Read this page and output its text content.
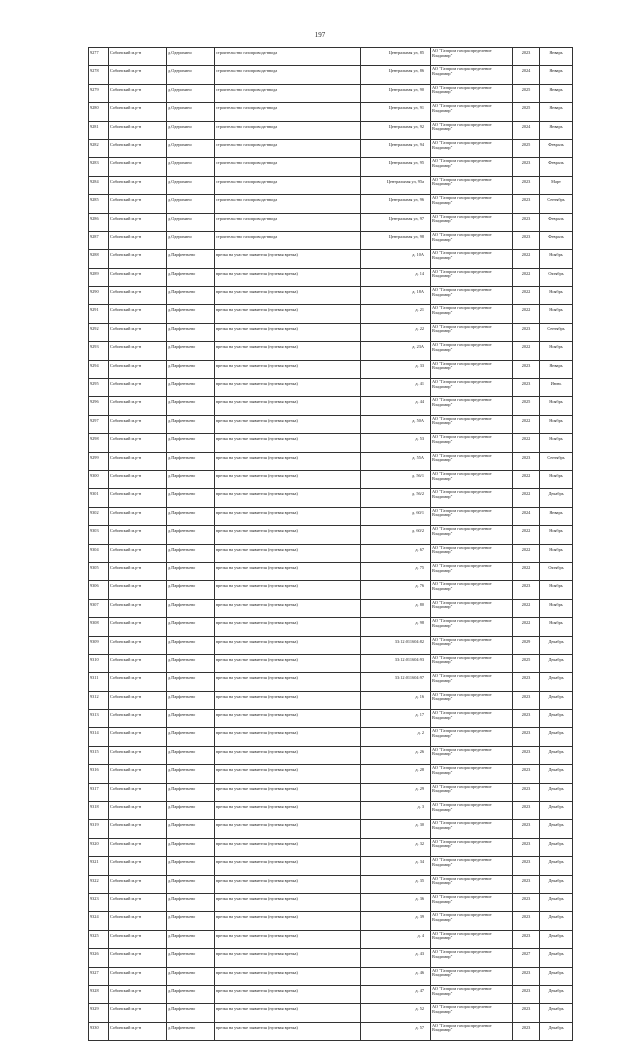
197
9277	Собинский м.р-н	д.Одерихино	строительство газопровода-ввода	Центральная ул, 85	АО "Газпром газораспределение Владимир"	2023	Январь

9278	Собинский м.р-н	д.Одерихино	строительство газопровода-ввода	Центральная ул, 86	АО "Газпром газораспределение Владимир"	2024	Январь

9279	Собинский м.р-н	д.Одерихино	строительство газопровода-ввода	Центральная ул, 90	АО "Газпром газораспределение Владимир"	2025	Январь

9280	Собинский м.р-н	д.Одерихино	строительство газопровода-ввода	Центральная ул, 91	АО "Газпром газораспределение Владимир"	2025	Январь

9281	Собинский м.р-н	д.Одерихино	строительство газопровода-ввода	Центральная ул, 92	АО "Газпром газораспределение Владимир"	2024	Январь

9282	Собинский м.р-н	д.Одерихино	строительство газопровода-ввода	Центральная ул, 94	АО "Газпром газораспределение Владимир"	2025	Февраль

9283	Собинский м.р-н	д.Одерихино	строительство газопровода-ввода	Центральная ул, 95	АО "Газпром газораспределение Владимир"	2023	Февраль

9284	Собинский м.р-н	д.Одерихино	строительство газопровода-ввода	Центральная ул, 95а	АО "Газпром газораспределение Владимир"	2023	Март

9285	Собинский м.р-н	д.Одерихино	строительство газопровода-ввода	Центральная ул, 96	АО "Газпром газораспределение Владимир"	2023	Сентябрь

9286	Собинский м.р-н	д.Одерихино	строительство газопровода-ввода	Центральная ул, 97	АО "Газпром газораспределение Владимир"	2023	Февраль

9287	Собинский м.р-н	д.Одерихино	строительство газопровода-ввода	Центральная ул, 98	АО "Газпром газораспределение Владимир"	2023	Февраль

9288	Собинский м.р-н	д.Парфентьево	врезка на участке заявителя (нулевая врезка)	д. 10А	АО "Газпром газораспределение Владимир"	2022	Ноябрь

9289	Собинский м.р-н	д.Парфентьево	врезка на участке заявителя (нулевая врезка)	д. 14	АО "Газпром газораспределение Владимир"	2022	Октябрь

9290	Собинский м.р-н	д.Парфентьево	врезка на участке заявителя (нулевая врезка)	д. 18А	АО "Газпром газораспределение Владимир"	2022	Ноябрь

9291	Собинский м.р-н	д.Парфентьево	врезка на участке заявителя (нулевая врезка)	д. 21	АО "Газпром газораспределение Владимир"	2022	Ноябрь

9292	Собинский м.р-н	д.Парфентьево	врезка на участке заявителя (нулевая врезка)	д. 22	АО "Газпром газораспределение Владимир"	2023	Сентябрь

9293	Собинский м.р-н	д.Парфентьево	врезка на участке заявителя (нулевая врезка)	д. 23А	АО "Газпром газораспределение Владимир"	2022	Ноябрь

9294	Собинский м.р-н	д.Парфентьево	врезка на участке заявителя (нулевая врезка)	д. 33	АО "Газпром газораспределение Владимир"	2023	Январь

9295	Собинский м.р-н	д.Парфентьево	врезка на участке заявителя (нулевая врезка)	д. 41	АО "Газпром газораспределение Владимир"	2023	Июнь

9296	Собинский м.р-н	д.Парфентьево	врезка на участке заявителя (нулевая врезка)	д. 44	АО "Газпром газораспределение Владимир"	2025	Ноябрь

9297	Собинский м.р-н	д.Парфентьево	врезка на участке заявителя (нулевая врезка)	д. 50А	АО "Газпром газораспределение Владимир"	2022	Ноябрь

9298	Собинский м.р-н	д.Парфентьево	врезка на участке заявителя (нулевая врезка)	д. 53	АО "Газпром газораспределение Владимир"	2022	Ноябрь

9299	Собинский м.р-н	д.Парфентьево	врезка на участке заявителя (нулевая врезка)	д. 55А	АО "Газпром газораспределение Владимир"	2023	Сентябрь

9300	Собинский м.р-н	д.Парфентьево	врезка на участке заявителя (нулевая врезка)	д. 56/1	АО "Газпром газораспределение Владимир"	2022	Ноябрь

9301	Собинский м.р-н	д.Парфентьево	врезка на участке заявителя (нулевая врезка)	д. 56/2	АО "Газпром газораспределение Владимир"	2022	Декабрь

9302	Собинский м.р-н	д.Парфентьево	врезка на участке заявителя (нулевая врезка)	д. 60/1	АО "Газпром газораспределение Владимир"	2024	Январь

9303	Собинский м.р-н	д.Парфентьево	врезка на участке заявителя (нулевая врезка)	д. 60/2	АО "Газпром газораспределение Владимир"	2022	Ноябрь

9304	Собинский м.р-н	д.Парфентьево	врезка на участке заявителя (нулевая врезка)	д. 67	АО "Газпром газораспределение Владимир"	2022	Ноябрь

9305	Собинский м.р-н	д.Парфентьево	врезка на участке заявителя (нулевая врезка)	д. 75	АО "Газпром газораспределение Владимир"	2022	Октябрь

9306	Собинский м.р-н	д.Парфентьево	врезка на участке заявителя (нулевая врезка)	д. 76	АО "Газпром газораспределение Владимир"	2023	Ноябрь

9307	Собинский м.р-н	д.Парфентьево	врезка на участке заявителя (нулевая врезка)	д. 80	АО "Газпром газораспределение Владимир"	2022	Ноябрь

9308	Собинский м.р-н	д.Парфентьево	врезка на участке заявителя (нулевая врезка)	д. 98	АО "Газпром газораспределение Владимир"	2022	Ноябрь

9309	Собинский м.р-н	д.Парфентьево	врезка на участке заявителя (нулевая врезка)	33:12:011604:82	АО "Газпром газораспределение Владимир"	2029	Декабрь

9310	Собинский м.р-н	д.Парфентьево	врезка на участке заявителя (нулевая врезка)	33:12:011604:93	АО "Газпром газораспределение Владимир"	2025	Декабрь

9311	Собинский м.р-н	д.Парфентьево	врезка на участке заявителя (нулевая врезка)	33:12:011604:97	АО "Газпром газораспределение Владимир"	2023	Декабрь

9312	Собинский м.р-н	д.Парфентьево	врезка на участке заявителя (нулевая врезка)	д. 16	АО "Газпром газораспределение Владимир"	2023	Декабрь

9313	Собинский м.р-н	д.Парфентьево	врезка на участке заявителя (нулевая врезка)	д. 17	АО "Газпром газораспределение Владимир"	2023	Декабрь

9314	Собинский м.р-н	д.Парфентьево	врезка на участке заявителя (нулевая врезка)	д. 2	АО "Газпром газораспределение Владимир"	2023	Декабрь

9315	Собинский м.р-н	д.Парфентьево	врезка на участке заявителя (нулевая врезка)	д. 26	АО "Газпром газораспределение Владимир"	2023	Декабрь

9316	Собинский м.р-н	д.Парфентьево	врезка на участке заявителя (нулевая врезка)	д. 28	АО "Газпром газораспределение Владимир"	2023	Декабрь

9317	Собинский м.р-н	д.Парфентьево	врезка на участке заявителя (нулевая врезка)	д. 29	АО "Газпром газораспределение Владимир"	2023	Декабрь

9318	Собинский м.р-н	д.Парфентьево	врезка на участке заявителя (нулевая врезка)	д. 3	АО "Газпром газораспределение Владимир"	2023	Декабрь

9319	Собинский м.р-н	д.Парфентьево	врезка на участке заявителя (нулевая врезка)	д. 30	АО "Газпром газораспределение Владимир"	2023	Декабрь

9320	Собинский м.р-н	д.Парфентьево	врезка на участке заявителя (нулевая врезка)	д. 32	АО "Газпром газораспределение Владимир"	2023	Декабрь

9321	Собинский м.р-н	д.Парфентьево	врезка на участке заявителя (нулевая врезка)	д. 34	АО "Газпром газораспределение Владимир"	2023	Декабрь

9322	Собинский м.р-н	д.Парфентьево	врезка на участке заявителя (нулевая врезка)	д. 35	АО "Газпром газораспределение Владимир"	2023	Декабрь

9323	Собинский м.р-н	д.Парфентьево	врезка на участке заявителя (нулевая врезка)	д. 36	АО "Газпром газораспределение Владимир"	2023	Декабрь

9324	Собинский м.р-н	д.Парфентьево	врезка на участке заявителя (нулевая врезка)	д. 39	АО "Газпром газораспределение Владимир"	2023	Декабрь

9325	Собинский м.р-н	д.Парфентьево	врезка на участке заявителя (нулевая врезка)	д. 4	АО "Газпром газораспределение Владимир"	2023	Декабрь

9326	Собинский м.р-н	д.Парфентьево	врезка на участке заявителя (нулевая врезка)	д. 43	АО "Газпром газораспределение Владимир"	2027	Декабрь

9327	Собинский м.р-н	д.Парфентьево	врезка на участке заявителя (нулевая врезка)	д. 46	АО "Газпром газораспределение Владимир"	2023	Декабрь

9328	Собинский м.р-н	д.Парфентьево	врезка на участке заявителя (нулевая врезка)	д. 47	АО "Газпром газораспределение Владимир"	2023	Декабрь

9329	Собинский м.р-н	д.Парфентьево	врезка на участке заявителя (нулевая врезка)	д. 52	АО "Газпром газораспределение Владимир"	2023	Декабрь

9330	Собинский м.р-н	д.Парфентьево	врезка на участке заявителя (нулевая врезка)	д. 57	АО "Газпром газораспределение Владимир"	2023	Декабрь
